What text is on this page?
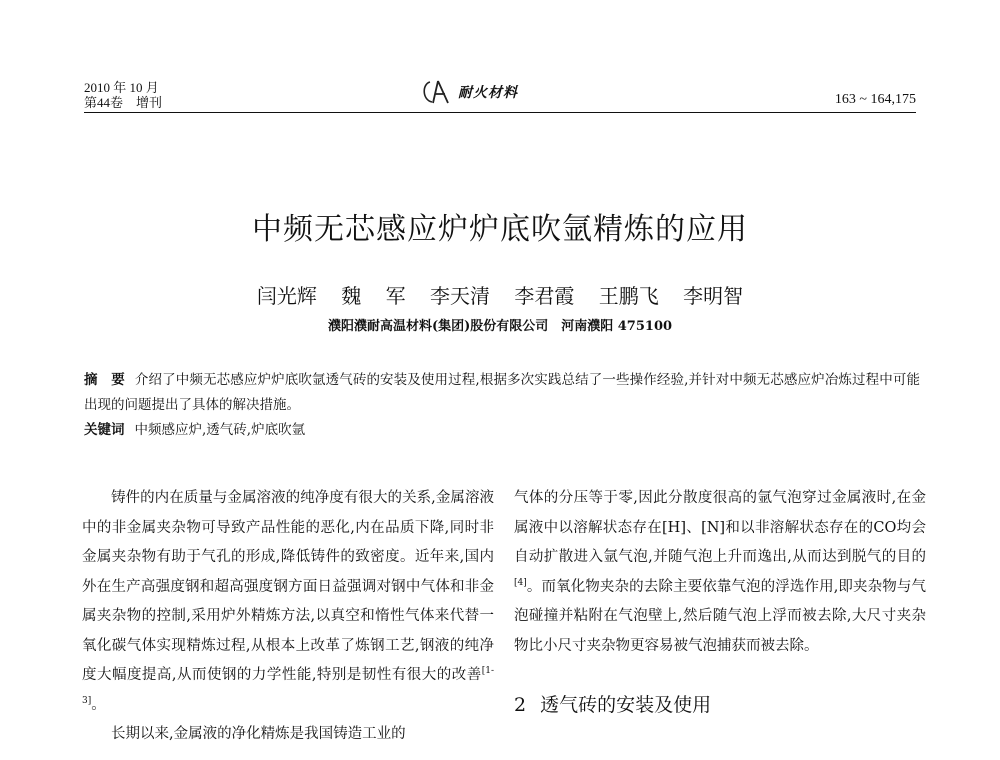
2010 年 10 月
第44卷　增刊
耐火材料	163 ~ 164,175
中频无芯感应炉炉底吹氩精炼的应用
闫光辉 魏 军 李天清 李君霞 王鹏飞 李明智
濮阳濮耐高温材料(集团)股份有限公司　河南濮阳 475100
摘　要 介绍了中频无芯感应炉炉底吹氩透气砖的安装及使用过程,根据多次实践总结了一些操作经验,并针对中频无芯感应炉冶炼过程中可能出现的问题提出了具体的解决措施。
关键词 中频感应炉,透气砖,炉底吹氩

铸件的内在质量与金属溶液的纯净度有很大的关系,金属溶液中的非金属夹杂物可导致产品性能的恶化,内在品质下降,同时非金属夹杂物有助于气孔的形成,降低铸件的致密度。近年来,国内外在生产高强度钢和超高强度钢方面日益强调对钢中气体和非金属夹杂物的控制,采用炉外精炼方法,以真空和惰性气体来代替一氧化碳气体实现精炼过程,从根本上改革了炼钢工艺,钢液的纯净度大幅度提高,从而使钢的力学性能,特别是韧性有很大的改善[1-3]。

长期以来,金属液的净化精炼是我国铸造工业的

气体的分压等于零,因此分散度很高的氩气泡穿过金属液时,在金属液中以溶解状态存在[H]、[N]和以非溶解状态存在的CO均会自动扩散进入氩气泡,并随气泡上升而逸出,从而达到脱气的目的[4]。而氧化物夹杂的去除主要依靠气泡的浮选作用,即夹杂物与气泡碰撞并粘附在气泡壁上,然后随气泡上浮而被去除,大尺寸夹杂物比小尺寸夹杂物更容易被气泡捕获而被去除。

2 透气砖的安装及使用
